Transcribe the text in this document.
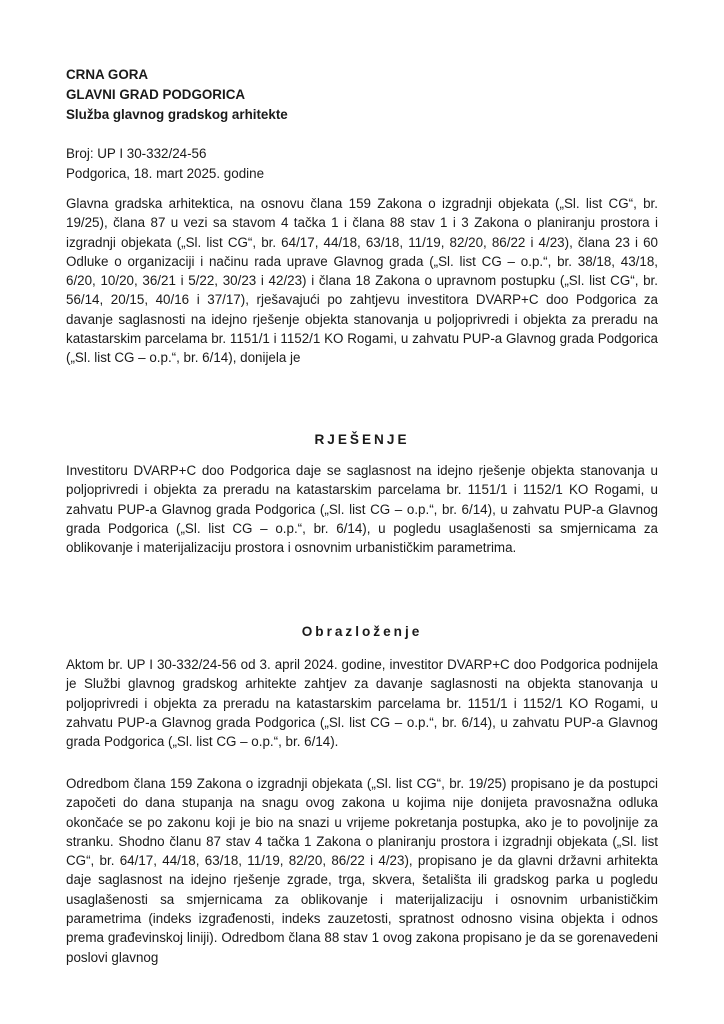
CRNA GORA
GLAVNI GRAD PODGORICA
Služba glavnog gradskog arhitekte
Broj: UP I 30-332/24-56
Podgorica, 18. mart 2025. godine

Glavna gradska arhitektica, na osnovu člana 159 Zakona o izgradnji objekata („Sl. list CG“, br. 19/25), člana 87 u vezi sa stavom 4 tačka 1 i člana 88 stav 1 i 3 Zakona o planiranju prostora i izgradnji objekata („Sl. list CG“, br. 64/17, 44/18, 63/18, 11/19, 82/20, 86/22 i 4/23), člana 23 i 60 Odluke o organizaciji i načinu rada uprave Glavnog grada („Sl. list CG – o.p.“, br. 38/18, 43/18, 6/20, 10/20, 36/21 i 5/22, 30/23 i 42/23) i člana 18 Zakona o upravnom postupku („Sl. list CG“, br. 56/14, 20/15, 40/16 i 37/17), rješavajući po zahtjevu investitora DVARP+C doo Podgorica za davanje saglasnosti na idejno rješenje objekta stanovanja u poljoprivredi i objekta za preradu na katastarskim parcelama br. 1151/1 i 1152/1 KO Rogami, u zahvatu PUP-a Glavnog grada Podgorica („Sl. list CG – o.p.“, br. 6/14), donijela je

RJEŠENJE

Investitoru DVARP+C doo Podgorica daje se saglasnost na idejno rješenje objekta stanovanja u poljoprivredi i objekta za preradu na katastarskim parcelama br. 1151/1 i 1152/1 KO Rogami, u zahvatu PUP-a Glavnog grada Podgorica („Sl. list CG – o.p.“, br. 6/14), u zahvatu PUP-a Glavnog grada Podgorica („Sl. list CG – o.p.“, br. 6/14), u pogledu usaglašenosti sa smjernicama za oblikovanje i materijalizaciju prostora i osnovnim urbanističkim parametrima.

Obrazloženje

Aktom br. UP I 30-332/24-56 od 3. april 2024. godine, investitor DVARP+C doo Podgorica podnijela je Službi glavnog gradskog arhitekte zahtjev za davanje saglasnosti na objekta stanovanja u poljoprivredi i objekta za preradu na katastarskim parcelama br. 1151/1 i 1152/1 KO Rogami, u zahvatu PUP-a Glavnog grada Podgorica („Sl. list CG – o.p.“, br. 6/14), u zahvatu PUP-a Glavnog grada Podgorica („Sl. list CG – o.p.“, br. 6/14).

Odredbom člana 159 Zakona o izgradnji objekata („Sl. list CG“, br. 19/25) propisano je da postupci započeti do dana stupanja na snagu ovog zakona u kojima nije donijeta pravosnažna odluka okončaće se po zakonu koji je bio na snazi u vrijeme pokretanja postupka, ako je to povoljnije za stranku. Shodno članu 87 stav 4 tačka 1 Zakona o planiranju prostora i izgradnji objekata („Sl. list CG“, br. 64/17, 44/18, 63/18, 11/19, 82/20, 86/22 i 4/23), propisano je da glavni državni arhitekta daje saglasnost na idejno rješenje zgrade, trga, skvera, šetališta ili gradskog parka u pogledu usaglašenosti sa smjernicama za oblikovanje i materijalizaciju i osnovnim urbanističkim parametrima (indeks izgrađenosti, indeks zauzetosti, spratnost odnosno visina objekta i odnos prema građevinskoj liniji). Odredbom člana 88 stav 1 ovog zakona propisano je da se gorenavedeni poslovi glavnog
